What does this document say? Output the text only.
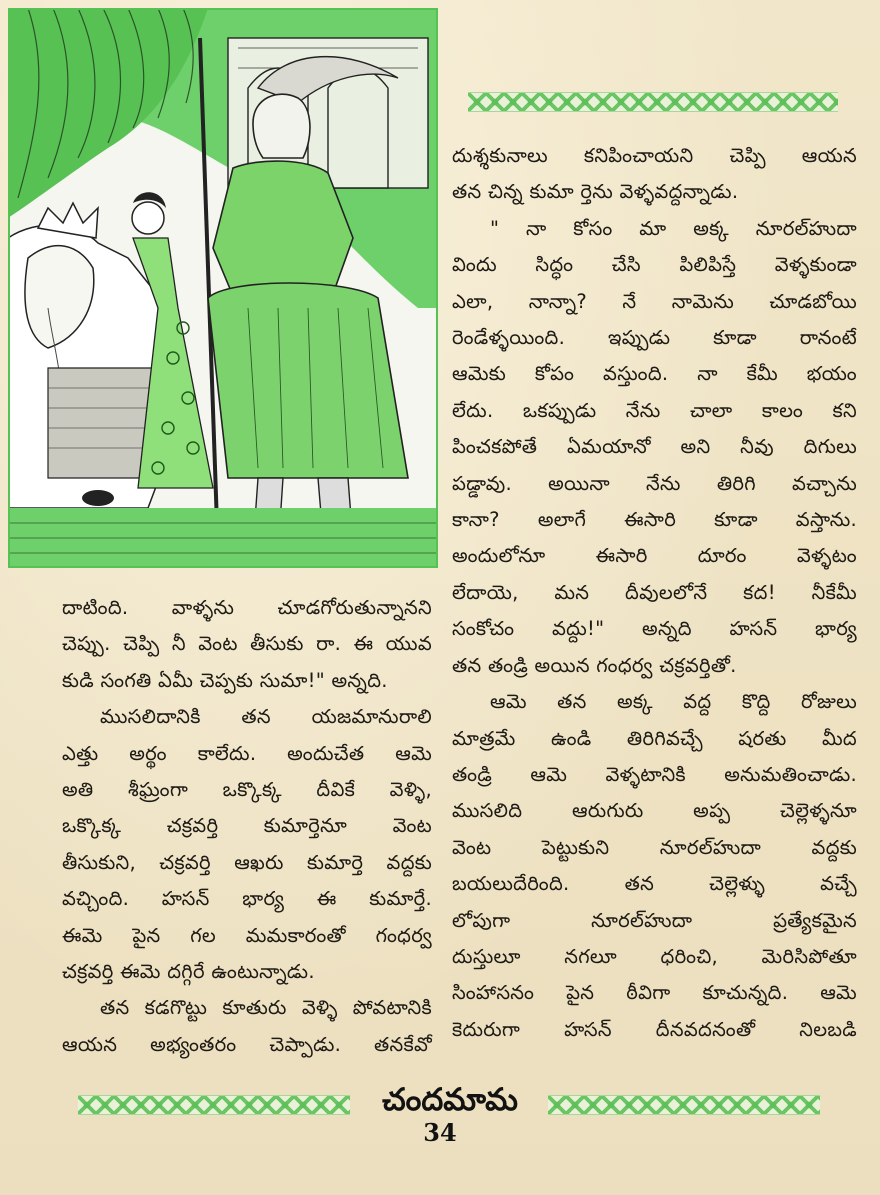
దుశ్శకునాలు కనిపించాయని చెప్పి ఆయన

తన చిన్న కుమా ర్తెను వెళ్ళవద్దన్నాడు.

" నా కోసం మా అక్క నూరల్‌హుదా

విందు సిద్ధం చేసి పిలిపిస్తే వెళ్ళకుండా

ఎలా, నాన్నా? నే నామెను చూడబోయి

రెండేళ్ళయింది. ఇప్పుడు కూడా రానంటే

ఆమెకు కోపం వస్తుంది. నా కేమీ భయం

లేదు. ఒకప్పుడు నేను చాలా కాలం కని

పించకపోతే ఏమయానో అని నీవు దిగులు

పడ్డావు. అయినా నేను తిరిగి వచ్చాను

కానా? అలాగే ఈసారి కూడా వస్తాను.

అందులోనూ ఈసారి దూరం వెళ్ళటం

లేదాయె, మన దీవులలోనే కద! నీకేమీ

సంకోచం వద్దు!" అన్నది హసన్ భార్య

తన తండ్రి అయిన గంధర్వ చక్రవర్తితో.

ఆమె తన అక్క వద్ద కొద్ది రోజులు

మాత్రమే ఉండి తిరిగివచ్చే షరతు మీద

తండ్రి ఆమె వెళ్ళటానికి అనుమతించాడు.

ముసలిది ఆరుగురు అప్ప చెల్లెళ్ళనూ

వెంట పెట్టుకుని నూరల్‌హుదా వద్దకు

బయలుదేరింది. తన చెల్లెళ్ళు వచ్చే

లోపుగా నూరల్‌హుదా ప్రత్యేకమైన

దుస్తులూ నగలూ ధరించి, మెరిసిపోతూ

సింహాసనం పైన ఠీవిగా కూచున్నది. ఆమె

కెదురుగా హసన్ దీనవదనంతో నిలబడి

దాటింది. వాళ్ళను చూడగోరుతున్నానని

చెప్పు. చెప్పి నీ వెంట తీసుకు రా. ఈ యువ

కుడి సంగతి ఏమీ చెప్పకు సుమా!" అన్నది.

ముసలిదానికి తన యజమానురాలి

ఎత్తు అర్థం కాలేదు. అందుచేత ఆమె

అతి శీఘ్రంగా ఒక్కొక్క దీవికే వెళ్ళి,

ఒక్కొక్క చక్రవర్తి కుమార్తెనూ వెంట

తీసుకుని, చక్రవర్తి ఆఖరు కుమార్తె వద్దకు

వచ్చింది. హసన్ భార్య ఈ కుమార్తే.

ఈమె పైన గల మమకారంతో గంధర్వ

చక్రవర్తి ఈమె దగ్గిరే ఉంటున్నాడు.

తన కడగొట్టు కూతురు వెళ్ళి పోవటానికి

ఆయన అభ్యంతరం చెప్పాడు. తనకేవో

చందమామ
34
